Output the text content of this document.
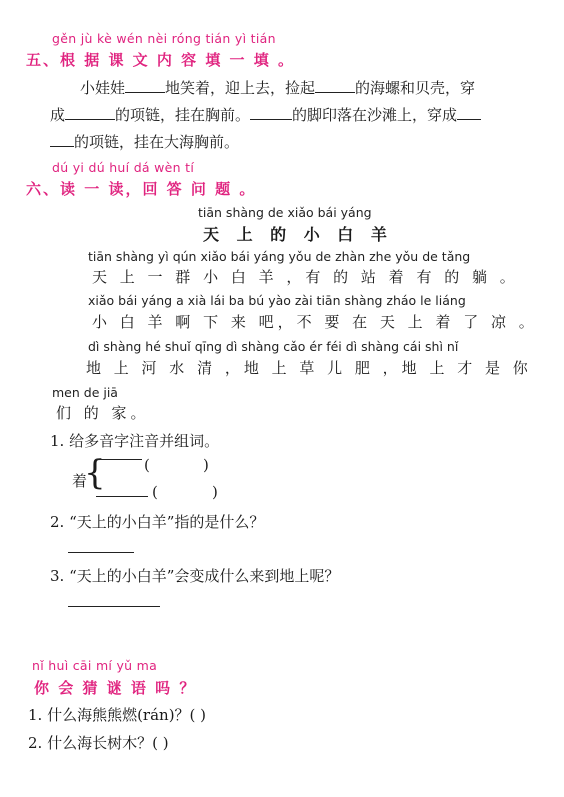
gěn jù kè wén nèi róng tián yì tián
五、根 据 课 文 内 容 填 一 填 。
小娃娃	地笑着，迎上去，捡起	的海螺和贝壳，穿
成	的项链，挂在胸前。	的脚印落在沙滩上，穿成
的项链，挂在大海胸前。
dú yi dú huí dá wèn tí
六、读 一 读，回 答 问 题 。
tiān shàng de xiǎo bái yáng
天 上 的 小 白 羊
tiān shàng yì qún xiǎo bái yáng yǒu de zhàn zhe yǒu de tǎng
天 上 一 群 小 白 羊 ，有 的 站 着 有 的 躺 。
xiǎo bái yáng a xià lái ba bú yào zài tiān shàng zháo le liáng
小 白 羊 啊 下 来 吧，不 要 在 天 上 着 了 凉 。
dì shàng hé shuǐ qīng dì shàng cǎo ér féi dì shàng cái shì nǐ
地 上 河 水 清 ，地 上 草 儿 肥 ，地 上 才 是 你
men de jiā
们 的 家。
1. 给多音字注音并组词。
着
{	(	)
(	)
2. “天上的小白羊”指的是什么？
3. “天上的小白羊”会变成什么来到地上呢？
nǐ huì cāi mí yǔ ma
你 会 猜 谜 语 吗 ？
1. 什么海熊熊燃(rán)？( )
2. 什么海长树木？( )
